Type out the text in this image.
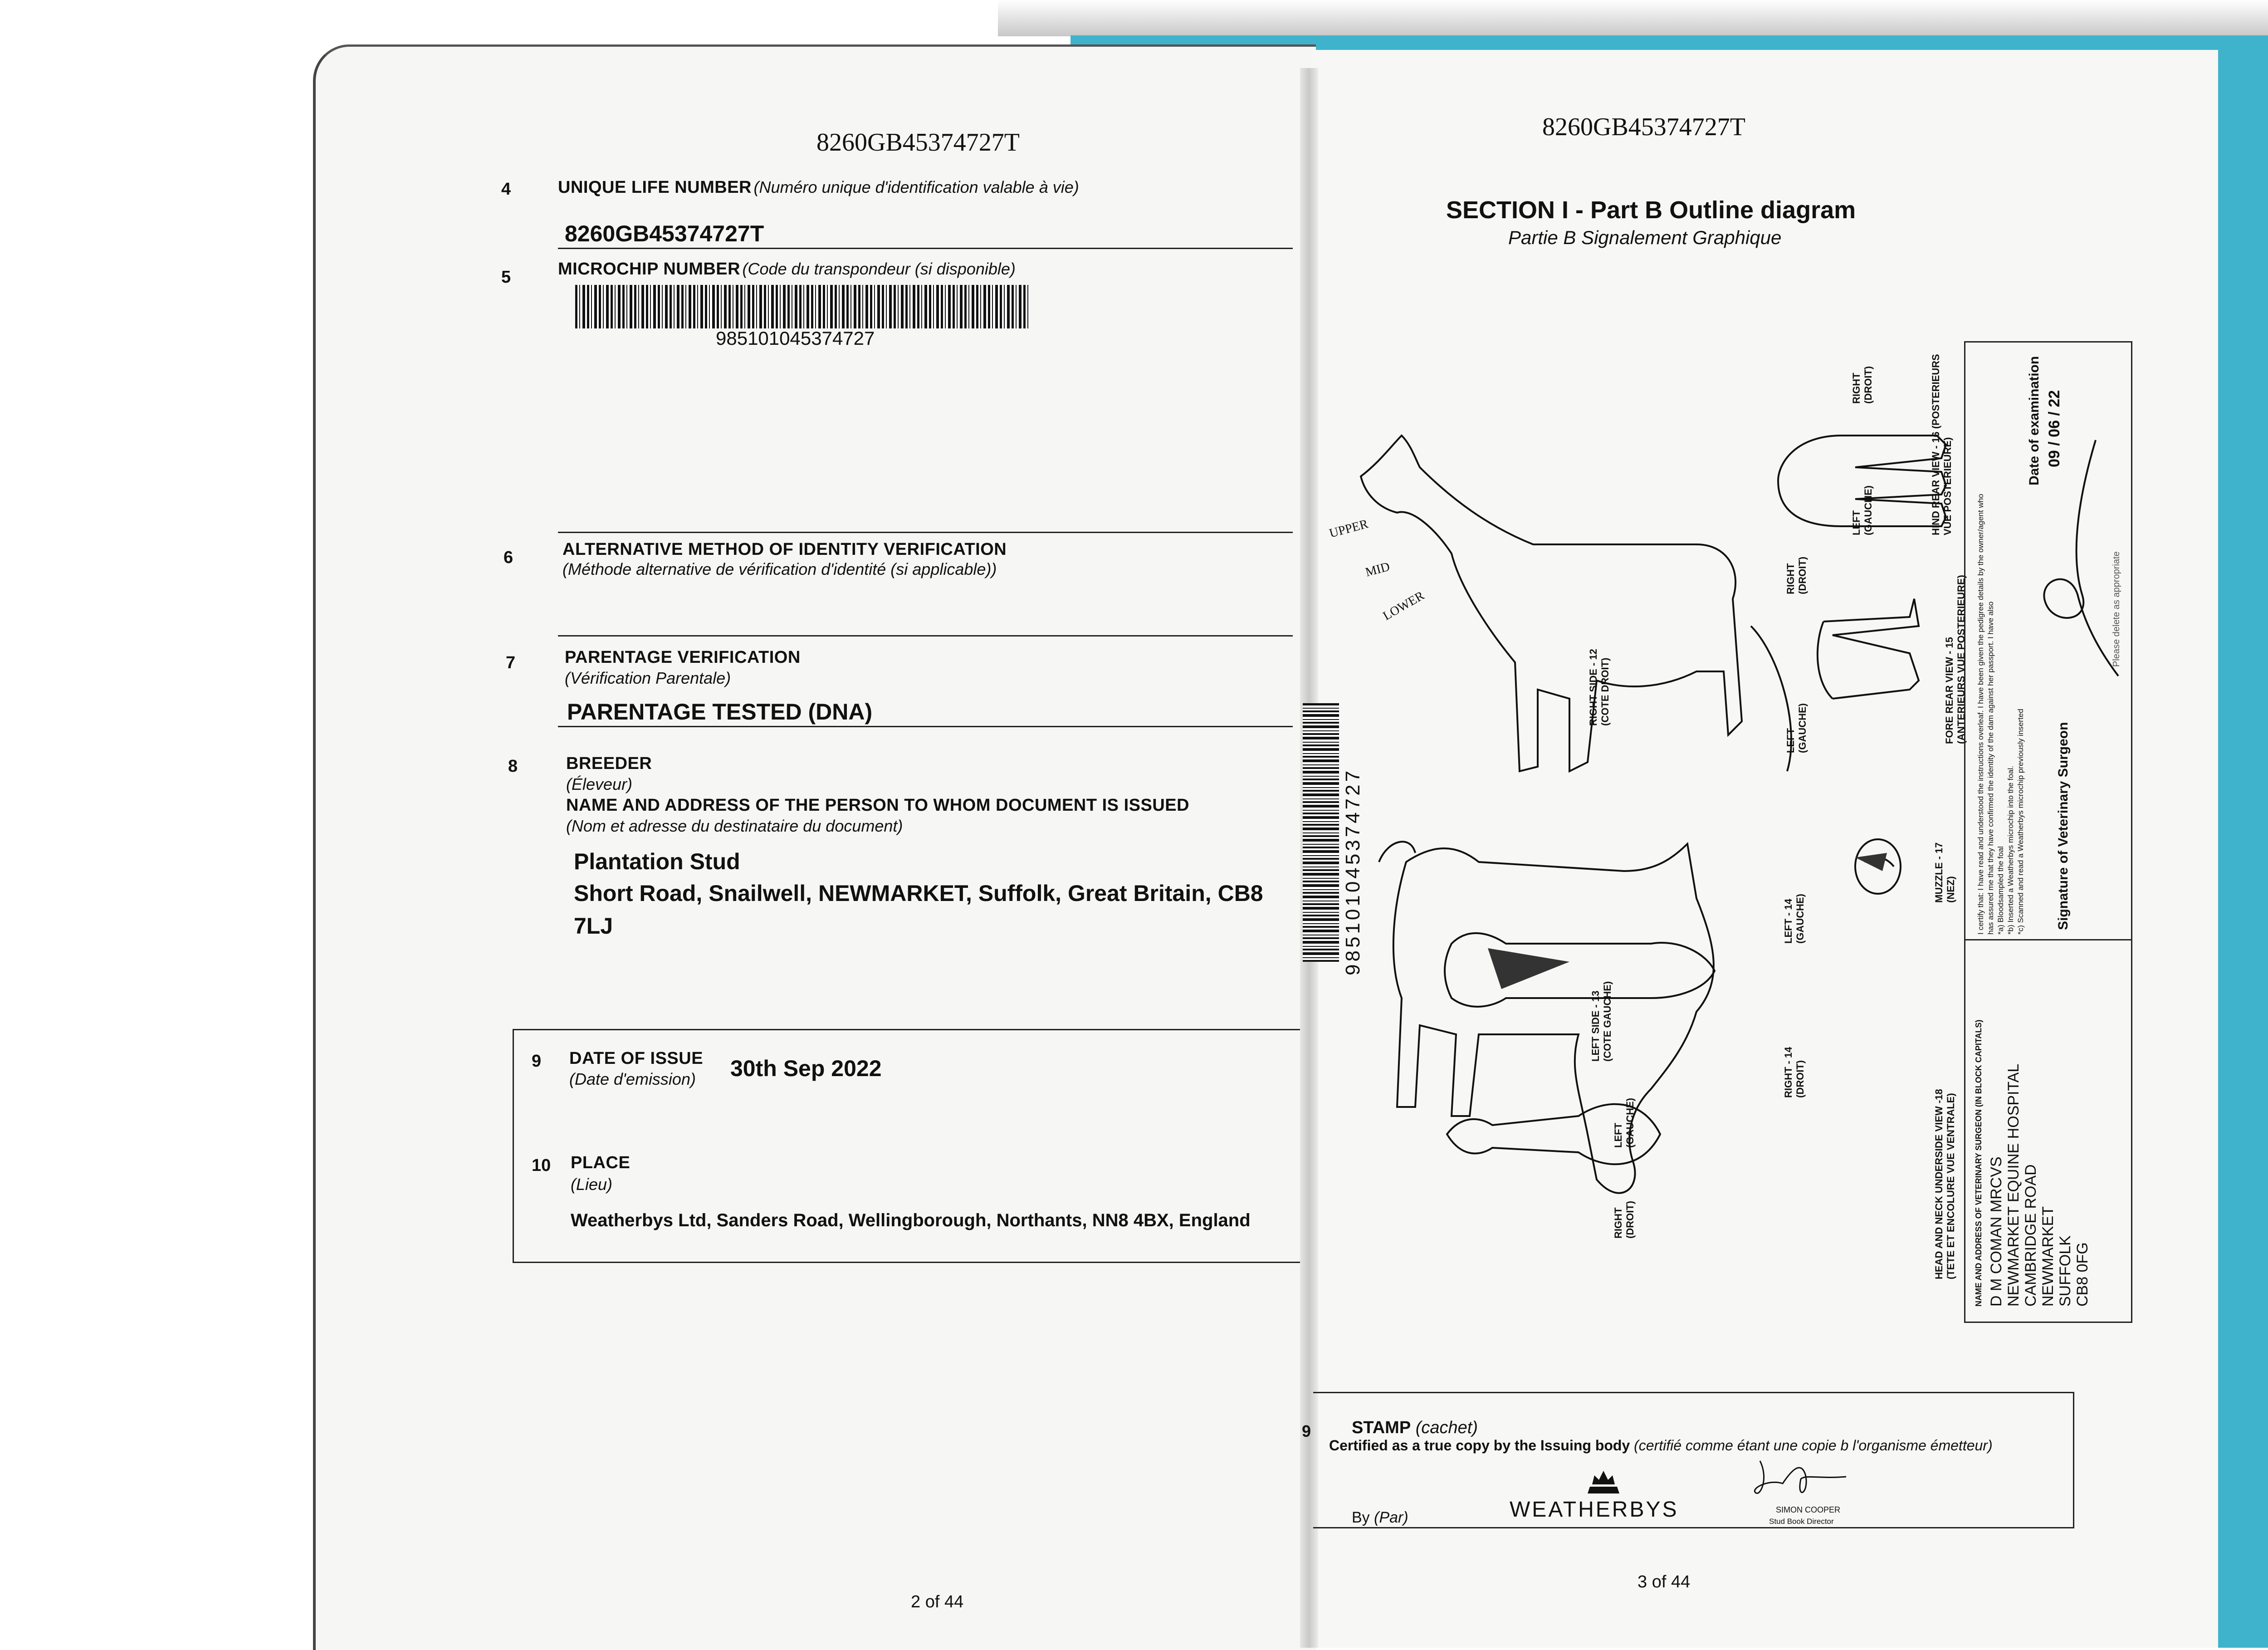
8260GB45374727T
4	UNIQUE LIFE NUMBER (Numéro unique d'identification valable à vie)
8260GB45374727T
5	MICROCHIP NUMBER (Code du transpondeur (si disponible)
985101045374727
6	ALTERNATIVE METHOD OF IDENTITY VERIFICATION
(Méthode alternative de vérification d'identité (si applicable))
7	PARENTAGE VERIFICATION
(Vérification Parentale)
PARENTAGE TESTED (DNA)
8	BREEDER
(Éleveur)
NAME AND ADDRESS OF THE PERSON TO WHOM DOCUMENT IS ISSUED
(Nom et adresse du destinataire du document)
Plantation Stud
Short Road, Snailwell, NEWMARKET, Suffolk, Great Britain, CB8
7LJ
9 DATE OF ISSUE
(Date d'emission) 30th Sep 2022
10 PLACE
(Lieu)
Weatherbys Ltd, Sanders Road, Wellingborough, Northants, NN8 4BX, England
2 of 44
8260GB45374727T
SECTION I - Part B Outline diagram
Partie B Signalement Graphique
985101045374727
RIGHT SIDE - 12
(COTE DROIT)
LEFT SIDE - 13
(COTE GAUCHE)
FORE REAR VIEW - 15
(ANTERIEURS VUE POSTERIEURE)
HIND REAR VIEW - 16 (POSTERIEURS
VUE POSTERIEURE)
HEAD AND NECK UNDERSIDE VIEW -18
(TETE ET ENCOLURE VUE VENTRALE)
MUZZLE - 17
(NEZ)
LEFT
(GAUCHE)
RIGHT
(DROIT)
RIGHT
(DROIT)
LEFT
(GAUCHE)
LEFT - 14
(GAUCHE)
RIGHT - 14
(DROIT)
LEFT
(GAUCHE)
RIGHT
(DROIT)
UPPER
MID
LOWER	I certify that: I have read and understood the instructions overleaf. I have been given the pedigree details by the owner/agent who has assured me that they have confirmed the identity of the dam against her passport. I have also *a) Bloodsampled the foal *b) Inserted a Weatherbys microchip into the foal. *c) Scanned and read a Weatherbys microchip previously inserted Signature of Veterinary Surgeon
Date of examination 09 / 06 / 22
Please delete as appropriate
NAME AND ADDRESS OF VETERINARY SURGEON (IN BLOCK CAPITALS) D M COMAN MRCVS NEWMARKET EQUINE HOSPITAL CAMBRIDGE ROAD NEWMARKET SUFFOLK CB8 0FG
9 STAMP (cachet)
Certified as a true copy by the Issuing body (certifié comme étant une copie b l'organisme émetteur)
By (Par)	WEATHERBYS	SIMON COOPER
Stud Book Director
3 of 44
